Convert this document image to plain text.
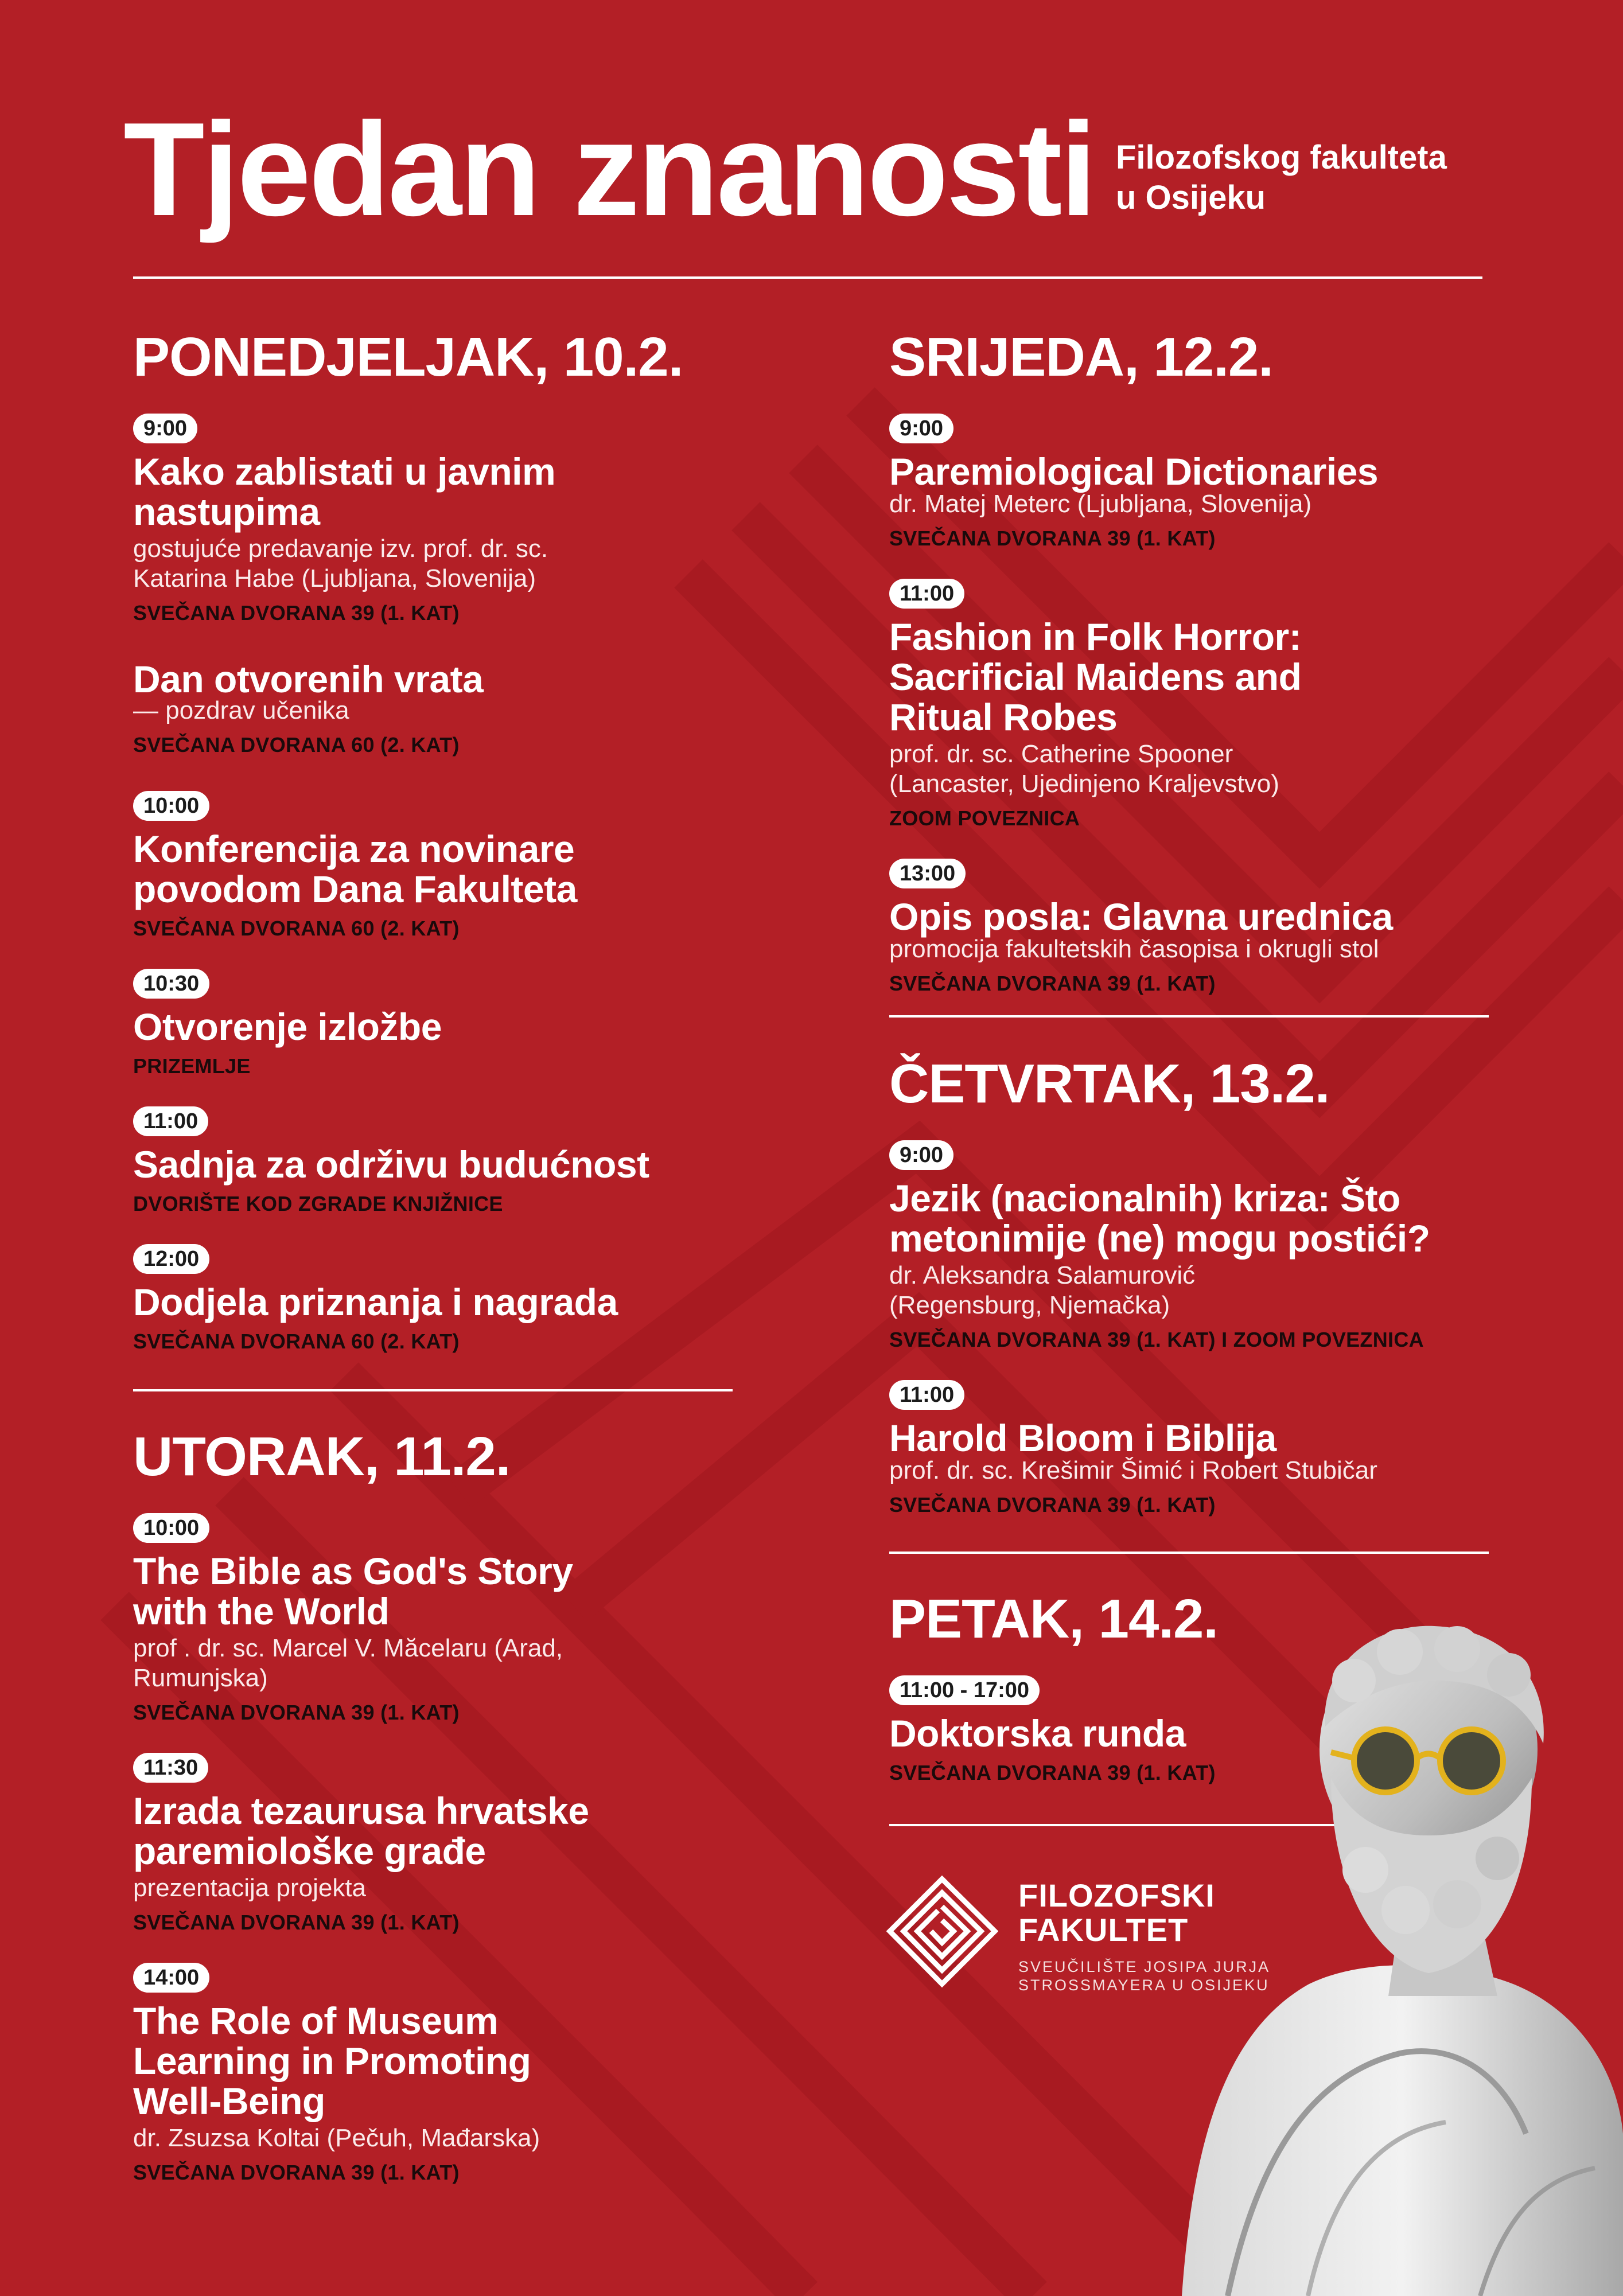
Tjedan znanosti Filozofskog fakulteta
u Osijeku
PONEDJELJAK, 10.2.
9:00
Kako zablistati u javnim nastupima
gostujuće predavanje izv. prof. dr. sc. Katarina Habe (Ljubljana, Slovenija)
SVEČANA DVORANA 39 (1. KAT)
Dan otvorenih vrata
— pozdrav učenika
SVEČANA DVORANA 60 (2. KAT)
10:00
Konferencija za novinare povodom Dana Fakulteta
SVEČANA DVORANA 60 (2. KAT)
10:30
Otvorenje izložbe
PRIZEMLJE
11:00
Sadnja za održivu budućnost
DVORIŠTE KOD ZGRADE KNJIŽNICE
12:00
Dodjela priznanja i nagrada
SVEČANA DVORANA 60 (2. KAT)
UTORAK, 11.2.
10:00
The Bible as God's Story with the World
prof . dr. sc. Marcel V. Măcelaru (Arad, Rumunjska)
SVEČANA DVORANA 39 (1. KAT)
11:30
Izrada tezaurusa hrvatske paremiološke građe
prezentacija projekta
SVEČANA DVORANA 39 (1. KAT)
14:00
The Role of Museum Learning in Promoting Well-Being
dr. Zsuzsa Koltai (Pečuh, Mađarska)
SVEČANA DVORANA 39 (1. KAT)
SRIJEDA, 12.2.
9:00
Paremiological Dictionaries
dr. Matej Meterc (Ljubljana, Slovenija)
SVEČANA DVORANA 39 (1. KAT)
11:00
Fashion in Folk Horror: Sacrificial Maidens and Ritual Robes
prof. dr. sc. Catherine Spooner (Lancaster, Ujedinjeno Kraljevstvo)
ZOOM POVEZNICA
13:00
Opis posla: Glavna urednica
promocija fakultetskih časopisa i okrugli stol
SVEČANA DVORANA 39 (1. KAT)
ČETVRTAK, 13.2.
9:00
Jezik (nacionalnih) kriza: Što metonimije (ne) mogu postići?
dr. Aleksandra Salamurović (Regensburg, Njemačka)
SVEČANA DVORANA 39 (1. KAT) I ZOOM POVEZNICA
11:00
Harold Bloom i Biblija
prof. dr. sc. Krešimir Šimić i Robert Stubičar
SVEČANA DVORANA 39 (1. KAT)
PETAK, 14.2.
11:00 - 17:00
Doktorska runda
SVEČANA DVORANA 39 (1. KAT)
FILOZOFSKI
FAKULTET
SVEUČILIŠTE JOSIPA JURJA
STROSSMAYERA U OSIJEKU
